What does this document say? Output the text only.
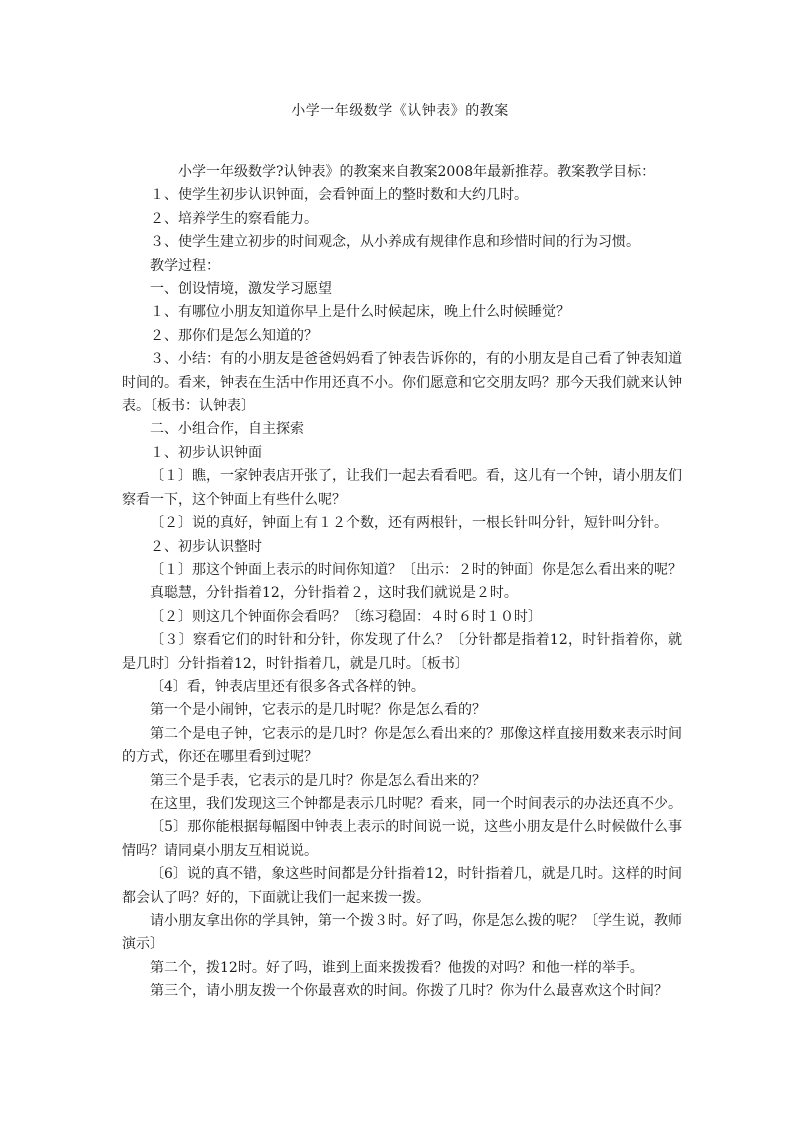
小学一年级数学《认钟表》的教案

小学一年级数学?认钟表》的教案来自教案2008年最新推荐。教案教学目标：

１、使学生初步认识钟面，会看钟面上的整时数和大约几时。

２、培养学生的察看能力。

３、使学生建立初步的时间观念，从小养成有规律作息和珍惜时间的行为习惯。

教学过程：

一、创设情境，激发学习愿望

１、有哪位小朋友知道你早上是什么时候起床，晚上什么时候睡觉？

２、那你们是怎么知道的？

３、小结：有的小朋友是爸爸妈妈看了钟表告诉你的，有的小朋友是自己看了钟表知道时间的。看来，钟表在生活中作用还真不小。你们愿意和它交朋友吗？那今天我们就来认钟表。〔板书：认钟表〕

二、小组合作，自主探索

１、初步认识钟面

〔１〕瞧，一家钟表店开张了，让我们一起去看看吧。看，这儿有一个钟，请小朋友们察看一下，这个钟面上有些什么呢？

〔２〕说的真好，钟面上有１２个数，还有两根针，一根长针叫分针，短针叫分针。

２、初步认识整时

〔１〕那这个钟面上表示的时间你知道？〔出示：２时的钟面〕你是怎么看出来的呢？

真聪慧，分针指着12，分针指着２，这时我们就说是２时。

〔２〕则这几个钟面你会看吗？〔练习稳固：４时６时１０时〕

〔３〕察看它们的时针和分针，你发现了什么？〔分针都是指着12，时针指着你，就是几时〕分针指着12，时针指着几，就是几时。〔板书〕

〔4〕看，钟表店里还有很多各式各样的钟。

第一个是小闹钟，它表示的是几时呢？你是怎么看的？

第二个是电子钟，它表示的是几时？你是怎么看出来的？那像这样直接用数来表示时间的方式，你还在哪里看到过呢？

第三个是手表，它表示的是几时？你是怎么看出来的？

在这里，我们发现这三个钟都是表示几时呢？看来，同一个时间表示的办法还真不少。

〔5〕那你能根据每幅图中钟表上表示的时间说一说，这些小朋友是什么时候做什么事情吗？请同桌小朋友互相说说。

〔6〕说的真不错，象这些时间都是分针指着12，时针指着几，就是几时。这样的时间都会认了吗？好的，下面就让我们一起来拨一拨。

请小朋友拿出你的学具钟，第一个拨３时。好了吗，你是怎么拨的呢？〔学生说，教师演示〕

第二个，拨12时。好了吗，谁到上面来拨拨看？他拨的对吗？和他一样的举手。

第三个，请小朋友拨一个你最喜欢的时间。你拨了几时？你为什么最喜欢这个时间？
